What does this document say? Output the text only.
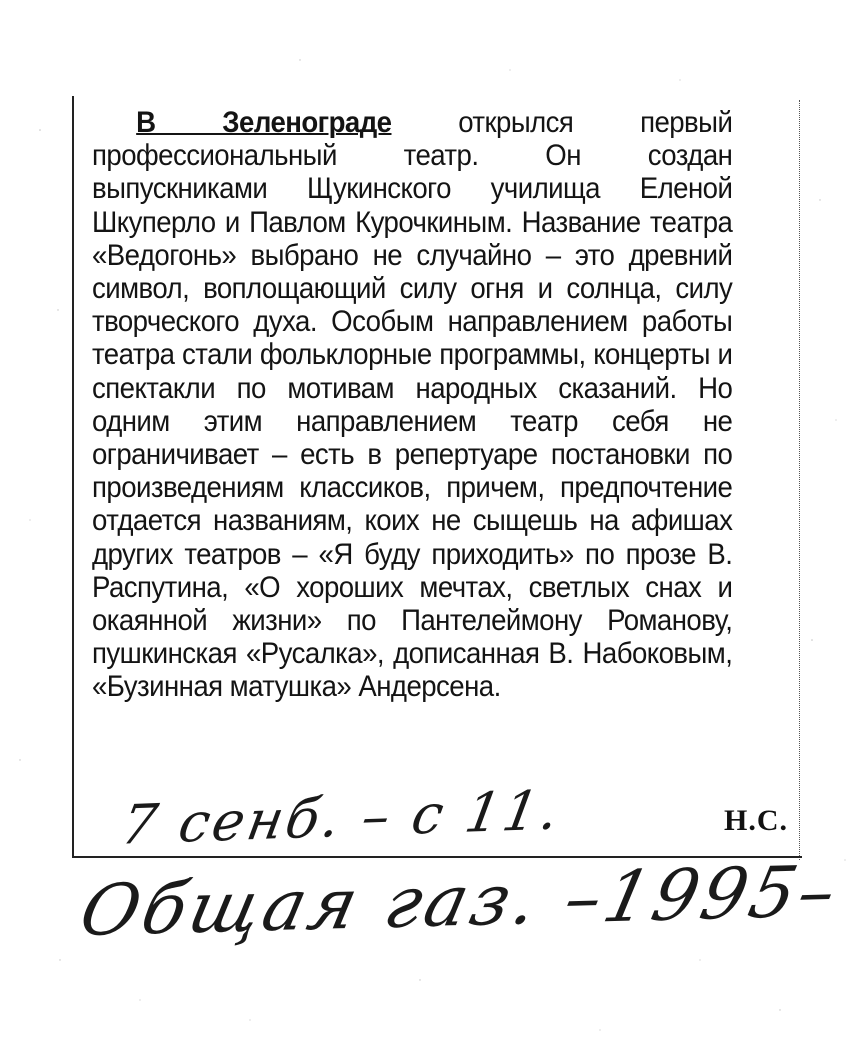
В Зеленограде открылся первый профессиональный театр. Он создан выпускниками Щукинского училища Еленой Шкуперло и Павлом Курочкиным. Название театра «Ведогонь» выбрано не случайно – это древний символ, воплощающий силу огня и солнца, силу творческого духа. Особым направлением работы театра стали фольклорные программы, концерты и спектакли по мотивам народных сказаний. Но одним этим направлением театр себя не ограничивает – есть в репертуаре постановки по произведениям классиков, причем, предпочтение отдается названиям, коих не сыщешь на афишах других театров – «Я буду приходить» по прозе В. Распутина, «О хороших мечтах, светлых снах и окаянной жизни» по Пантелеймону Романову, пушкинская «Русалка», дописанная В. Набоковым, «Бузинная матушка» Андерсена.

7 сенб. – с 11.	Н.С.
Общая газ. –1995–
